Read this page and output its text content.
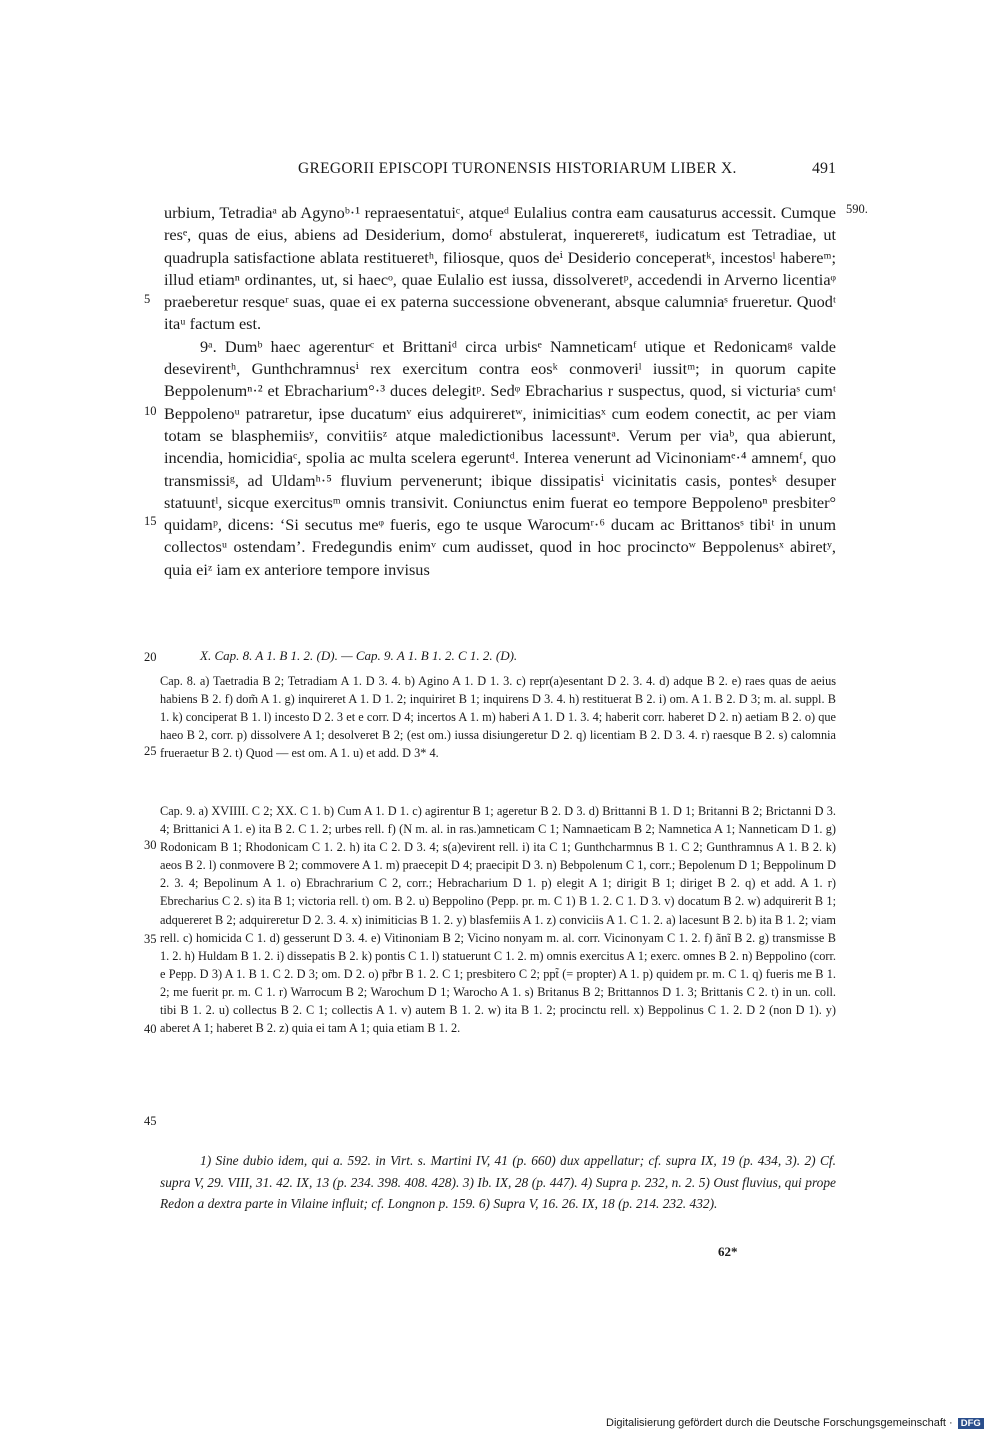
GREGORII EPISCOPI TURONENSIS HISTORIARUM LIBER X.	491
590.
5
10
15
20
25
30
35
40
45

urbium, Tetradiaᵃ ab Agynoᵇ·¹ repraesentatuiᶜ, atqueᵈ Eulalius contra eam causaturus accessit. Cumque resᵉ, quas de eius, abiens ad Desiderium, domoᶠ abstulerat, inquereretᵍ, iudicatum est Tetradiae, ut quadrupla satisfactione ablata restitueretʰ, filiosque, quos deⁱ Desiderio conceperatᵏ, incestosˡ habereᵐ; illud etiamⁿ ordinantes, ut, si haecᵒ, quae Eulalio est iussa, dissolveretᵖ, accedendi in Arverno licentiaᵠ praeberetur resqueʳ suas, quae ei ex paterna successione obvenerant, absque calumniaˢ frueretur. Quodᵗ itaᵘ factum est.

9ᵃ. Dumᵇ haec agerenturᶜ et Brittaniᵈ circa urbisᵉ Namneticamᶠ utique et Redonicamᵍ valde desevirentʰ, Gunthchramnusⁱ rex exercitum contra eosᵏ conmoveriˡ iussitᵐ; in quorum capite Beppolenumⁿ·² et Ebracharium°·³ duces delegitᵖ. Sedᵠ Ebracharius r suspectus, quod, si victuriaˢ cumᵗ Beppolenoᵘ patraretur, ipse ducatumᵛ eius adquireretʷ, inimicitiasˣ cum eodem conectit, ac per viam totam se blasphemiisʸ, convitiisᶻ atque maledictionibus lacessuntᵃ. Verum per viaᵇ, qua abierunt, incendia, homicidiaᶜ, spolia ac multa scelera egeruntᵈ. Interea venerunt ad Vicinoniamᵉ·⁴ amnemᶠ, quo transmissiᵍ, ad Uldamʰ·⁵ fluvium pervenerunt; ibique dissipatisⁱ vicinitatis casis, pontesᵏ desuper statuuntˡ, sicque exercitusᵐ omnis transivit. Coniunctus enim fuerat eo tempore Beppolenoⁿ presbiter° quidamᵖ, dicens: ‘Si secutus meᵠ fueris, ego te usque Warocumʳ·⁶ ducam ac Brittanosˢ tibiᵗ in unum collectosᵘ ostendam’. Fredegundis enimᵛ cum audisset, quod in hoc procinctoʷ Beppolenusˣ abiretʸ, quia eiᶻ iam ex anteriore tempore invisus

X. Cap. 8. A 1. B 1. 2. (D). — Cap. 9. A 1. B 1. 2. C 1. 2. (D).

Cap. 8. a) Taetradia B 2; Tetradiam A 1. D 3. 4. b) Agino A 1. D 1. 3. c) repr(a)esentant D 2. 3. 4. d) adque B 2. e) raes quas de aeius habiens B 2. f) dom̃ A 1. g) inquireret A 1. D 1. 2; inquiriret B 1; inquirens D 3. 4. h) restituerat B 2. i) om. A 1. B 2. D 3; m. al. suppl. B 1. k) conciperat B 1. l) incesto D 2. 3 et e corr. D 4; incertos A 1. m) haberi A 1. D 1. 3. 4; haberit corr. haberet D 2. n) aetiam B 2. o) que haeo B 2, corr. p) dissolvere A 1; desolveret B 2; (est om.) iussa disiungeretur D 2. q) licentiam B 2. D 3. 4. r) raesque B 2. s) calomnia frueraetur B 2. t) Quod — est om. A 1. u) et add. D 3* 4.

Cap. 9. a) XVIIII. C 2; XX. C 1. b) Cum A 1. D 1. c) agirentur B 1; ageretur B 2. D 3. d) Brittanni B 1. D 1; Britanni B 2; Brictanni D 3. 4; Brittanici A 1. e) ita B 2. C 1. 2; urbes rell. f) (N m. al. in ras.)amneticam C 1; Namnaeticam B 2; Namnetica A 1; Nanneticam D 1. g) Rodonicam B 1; Rhodonicam C 1. 2. h) ita C 2. D 3. 4; s(a)evirent rell. i) ita C 1; Gunthcharmnus B 1. C 2; Gunthramnus A 1. B 2. k) aeos B 2. l) conmovere B 2; commovere A 1. m) praecepit D 4; praecipit D 3. n) Bebpolenum C 1, corr.; Bepolenum D 1; Beppolinum D 2. 3. 4; Bepolinum A 1. o) Ebrachrarium C 2, corr.; Hebracharium D 1. p) elegit A 1; dirigit B 1; diriget B 2. q) et add. A 1. r) Ebrecharius C 2. s) ita B 1; victoria rell. t) om. B 2. u) Beppolino (Pepp. pr. m. C 1) B 1. 2. C 1. D 3. v) docatum B 2. w) adquirerit B 1; adquereret B 2; adquireretur D 2. 3. 4. x) inimiticias B 1. 2. y) blasfemiis A 1. z) conviciis A 1. C 1. 2. a) lacesunt B 2. b) ita B 1. 2; viam rell. c) homicida C 1. d) gesserunt D 3. 4. e) Vitinoniam B 2; Vicino nonyam m. al. corr. Vicinonyam C 1. 2. f) ãnĩ B 2. g) transmisse B 1. 2. h) Huldam B 1. 2. i) dissepatis B 2. k) pontis C 1. l) statuerunt C 1. 2. m) omnis exercitus A 1; exerc. omnes B 2. n) Beppolino (corr. e Pepp. D 3) A 1. B 1. C 2. D 3; om. D 2. o) pr̃br B 1. 2. C 1; presbitero C 2; ppt̃ (= propter) A 1. p) quidem pr. m. C 1. q) fueris me B 1. 2; me fuerit pr. m. C 1. r) Warrocum B 2; Warochum D 1; Warocho A 1. s) Britanus B 2; Brittannos D 1. 3; Brittanis C 2. t) in un. coll. tibi B 1. 2. u) collectus B 2. C 1; collectis A 1. v) autem B 1. 2. w) ita B 1. 2; procinctu rell. x) Beppolinus C 1. 2. D 2 (non D 1). y) aberet A 1; haberet B 2. z) quia ei tam A 1; quia etiam B 1. 2.

1) Sine dubio idem, qui a. 592. in Virt. s. Martini IV, 41 (p. 660) dux appellatur; cf. supra IX, 19 (p. 434, 3). 2) Cf. supra V, 29. VIII, 31. 42. IX, 13 (p. 234. 398. 408. 428). 3) Ib. IX, 28 (p. 447). 4) Supra p. 232, n. 2. 5) Oust fluvius, qui prope Redon a dextra parte in Vilaine influit; cf. Longnon p. 159. 6) Supra V, 16. 26. IX, 18 (p. 214. 232. 432).

62*
Digitalisierung gefördert durch die Deutsche Forschungsgemeinschaft · DFG
